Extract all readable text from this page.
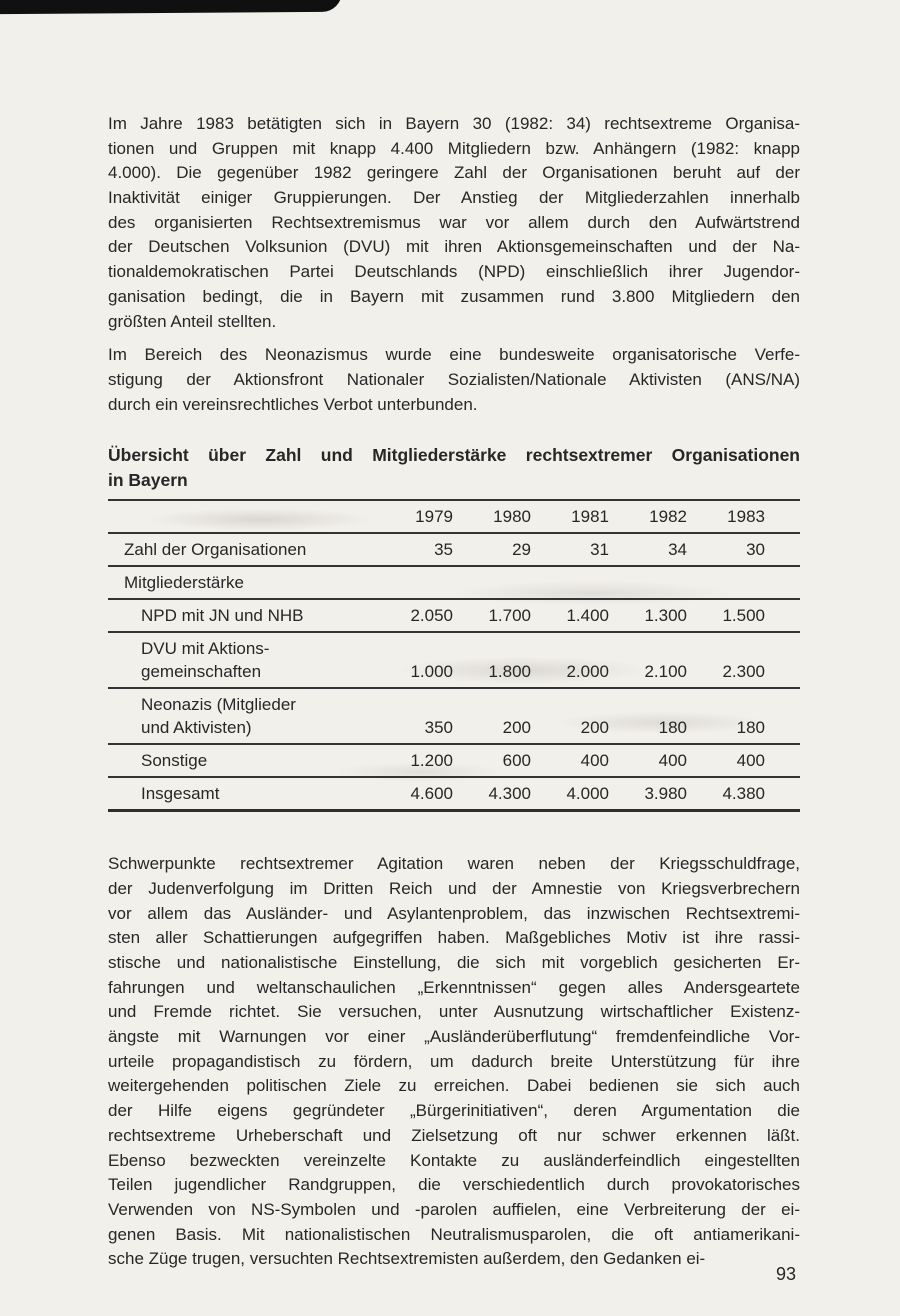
Im Jahre 1983 betätigten sich in Bayern 30 (1982: 34) rechtsextreme Organisa-
tionen und Gruppen mit knapp 4.400 Mitgliedern bzw. Anhängern (1982: knapp
4.000). Die gegenüber 1982 geringere Zahl der Organisationen beruht auf der
Inaktivität einiger Gruppierungen. Der Anstieg der Mitgliederzahlen innerhalb
des organisierten Rechtsextremismus war vor allem durch den Aufwärtstrend
der Deutschen Volksunion (DVU) mit ihren Aktionsgemeinschaften und der Na-
tionaldemokratischen Partei Deutschlands (NPD) einschließlich ihrer Jugendor-
ganisation bedingt, die in Bayern mit zusammen rund 3.800 Mitgliedern den
größten Anteil stellten.
Im Bereich des Neonazismus wurde eine bundesweite organisatorische Verfe-
stigung der Aktionsfront Nationaler Sozialisten/Nationale Aktivisten (ANS/NA)
durch ein vereinsrechtliches Verbot unterbunden.
Übersicht über Zahl und Mitgliederstärke rechtsextremer Organisationen
in Bayern
1979	1980	1981	1982	1983
Zahl der Organisationen	35	29	31	34	30
Mitgliederstärke
NPD mit JN und NHB	2.050	1.700	1.400	1.300	1.500
DVU mit Aktions-
gemeinschaften	1.000	1.800	2.000	2.100	2.300
Neonazis (Mitglieder
und Aktivisten)	350	200	200	180	180
Sonstige	1.200	600	400	400	400
Insgesamt	4.600	4.300	4.000	3.980	4.380
Schwerpunkte rechtsextremer Agitation waren neben der Kriegsschuldfrage,
der Judenverfolgung im Dritten Reich und der Amnestie von Kriegsverbrechern
vor allem das Ausländer- und Asylantenproblem, das inzwischen Rechtsextremi-
sten aller Schattierungen aufgegriffen haben. Maßgebliches Motiv ist ihre rassi-
stische und nationalistische Einstellung, die sich mit vorgeblich gesicherten Er-
fahrungen und weltanschaulichen „Erkenntnissen“ gegen alles Andersgeartete
und Fremde richtet. Sie versuchen, unter Ausnutzung wirtschaftlicher Existenz-
ängste mit Warnungen vor einer „Ausländerüberflutung“ fremdenfeindliche Vor-
urteile propagandistisch zu fördern, um dadurch breite Unterstützung für ihre
weitergehenden politischen Ziele zu erreichen. Dabei bedienen sie sich auch
der Hilfe eigens gegründeter „Bürgerinitiativen“, deren Argumentation die
rechtsextreme Urheberschaft und Zielsetzung oft nur schwer erkennen läßt.
Ebenso bezweckten vereinzelte Kontakte zu ausländerfeindlich eingestellten
Teilen jugendlicher Randgruppen, die verschiedentlich durch provokatorisches
Verwenden von NS-Symbolen und -parolen auffielen, eine Verbreiterung der ei-
genen Basis. Mit nationalistischen Neutralismusparolen, die oft antiamerikani-
sche Züge trugen, versuchten Rechtsextremisten außerdem, den Gedanken ei-
93
